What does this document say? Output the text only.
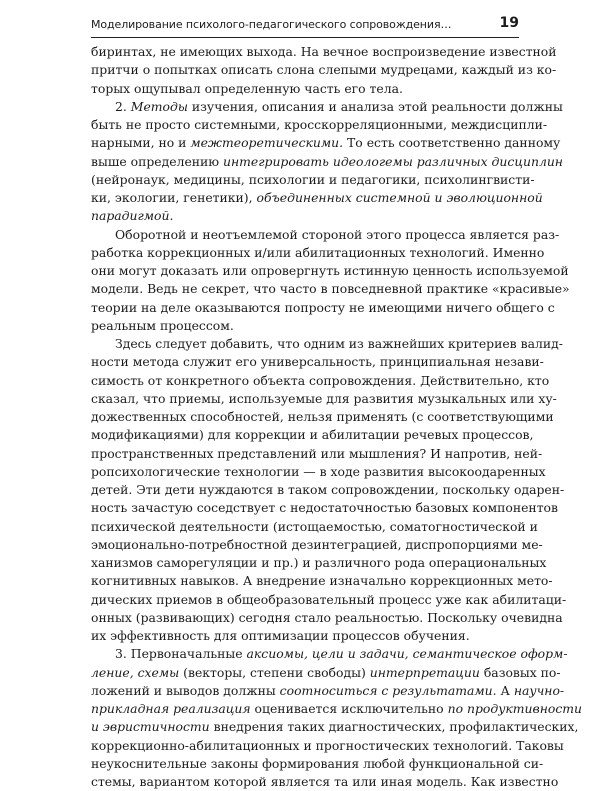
Моделирование психолого-педагогического сопровождения…	19
биринтах, не имеющих выхода. На вечное воспроизведение известной
притчи о попытках описать слона слепыми мудрецами, каждый из ко-
торых ощупывал определенную часть его тела.
2. Методы изучения, описания и анализа этой реальности должны
быть не просто системными, кросскорреляционными, междисципли-
нарными, но и межтеоретическими. То есть соответственно данному
выше определению интегрировать идеологемы различных дисциплин
(нейронаук, медицины, психологии и педагогики, психолингвисти-
ки, экологии, генетики), объединенных системной и эволюционной
парадигмой.
Оборотной и неотъемлемой стороной этого процесса является раз-
работка коррекционных и/или абилитационных технологий. Именно
они могут доказать или опровергнуть истинную ценность используемой
модели. Ведь не секрет, что часто в повседневной практике «красивые»
теории на деле оказываются попросту не имеющими ничего общего с
реальным процессом.
Здесь следует добавить, что одним из важнейших критериев валид-
ности метода служит его универсальность, принципиальная незави-
симость от конкретного объекта сопровождения. Действительно, кто
сказал, что приемы, используемые для развития музыкальных или ху-
дожественных способностей, нельзя применять (с соответствующими
модификациями) для коррекции и абилитации речевых процессов,
пространственных представлений или мышления? И напротив, ней-
ропсихологические технологии — в ходе развития высокоодаренных
детей. Эти дети нуждаются в таком сопровождении, поскольку одарен-
ность зачастую соседствует с недостаточностью базовых компонентов
психической деятельности (истощаемостью, соматогностической и
эмоционально-потребностной дезинтеграцией, диспропорциями ме-
ханизмов саморегуляции и пр.) и различного рода операциональных
когнитивных навыков. А внедрение изначально коррекционных мето-
дических приемов в общеобразовательный процесс уже как абилитаци-
онных (развивающих) сегодня стало реальностью. Поскольку очевидна
их эффективность для оптимизации процессов обучения.
3. Первоначальные аксиомы, цели и задачи, семантическое оформ-
ление, схемы (векторы, степени свободы) интерпретации базовых по-
ложений и выводов должны соотноситься с результатами. А научно-
прикладная реализация оценивается исключительно по продуктивности
и эвристичности внедрения таких диагностических, профилактических,
коррекционно-абилитационных и прогностических технологий. Таковы
неукоснительные законы формирования любой функциональной си-
стемы, вариантом которой является та или иная модель. Как известно
